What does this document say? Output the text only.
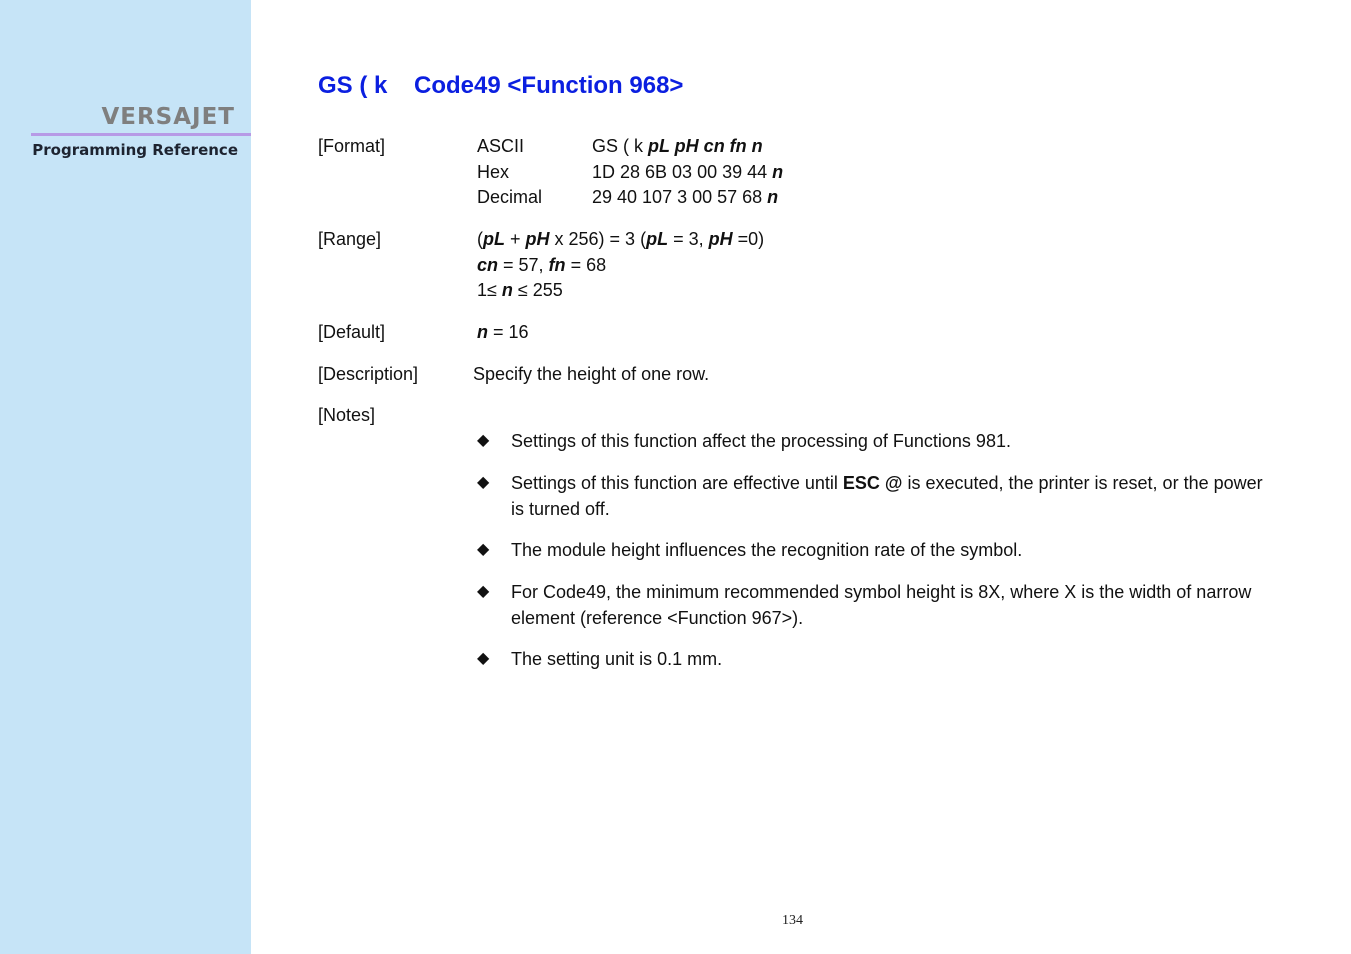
VERSAJET
Programming Reference
GS ( k    Code49 <Function 968>
[Format]	ASCII	GS ( k pL pH cn fn n
Hex	1D 28 6B 03 00 39 44 n
Decimal	29 40 107 3 00 57 68 n
[Range]	(pL + pH x 256) = 3 (pL = 3, pH =0)
cn = 57, fn = 68
1≤ n ≤ 255
[Default]	n = 16
[Description]	Specify the height of one row.
[Notes]
◆ Settings of this function affect the processing of Functions 981.
◆ Settings of this function are effective until ESC @ is executed, the printer is reset, or the power is turned off.
◆ The module height influences the recognition rate of the symbol.
◆ For Code49, the minimum recommended symbol height is 8X, where X is the width of narrow element (reference <Function 967>).
◆ The setting unit is 0.1 mm.
134
